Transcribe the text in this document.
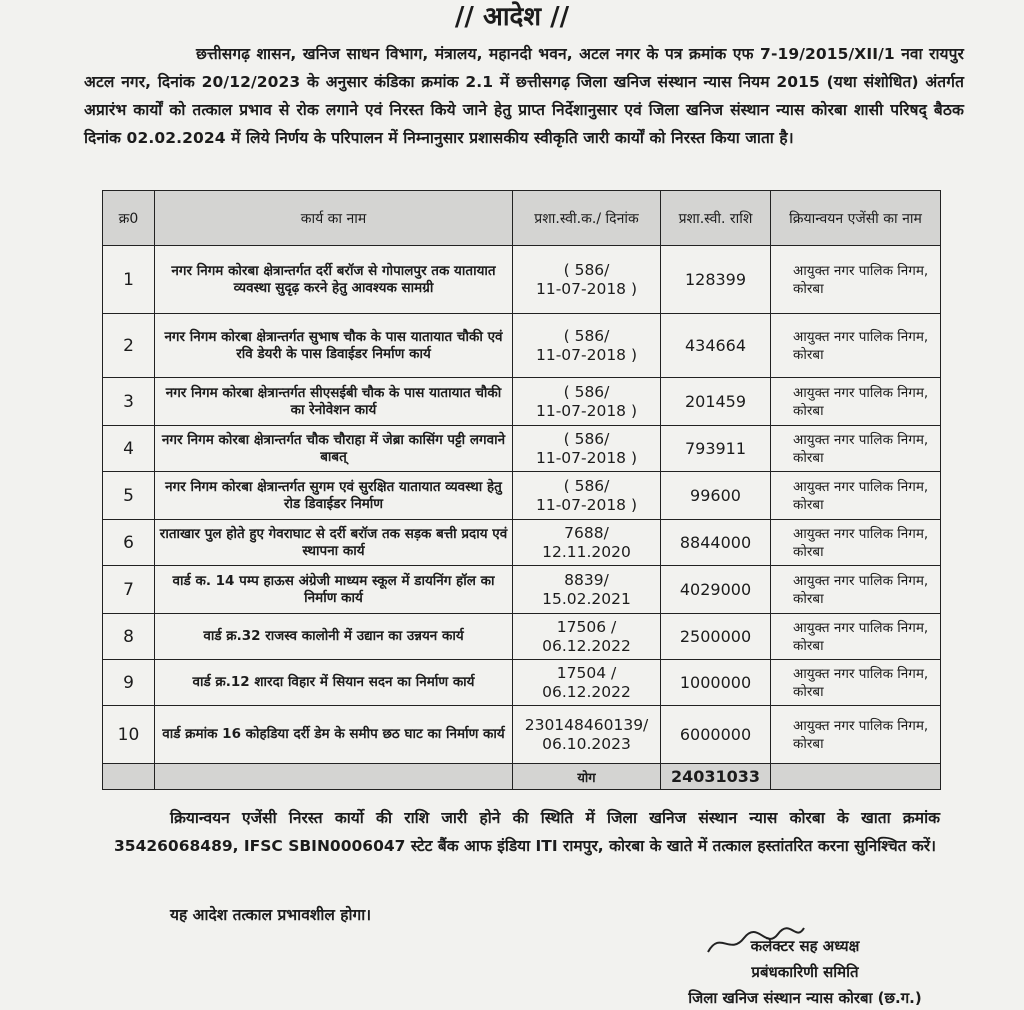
// आदेश //
छत्तीसगढ़ शासन, खनिज साधन विभाग, मंत्रालय, महानदी भवन, अटल नगर के पत्र क्रमांक एफ 7-19/2015/XII/1 नवा रायपुर अटल नगर, दिनांक 20/12/2023 के अनुसार कंडिका क्रमांक 2.1 में छत्तीसगढ़ जिला खनिज संस्थान न्यास नियम 2015 (यथा संशोधित) अंतर्गत अप्रारंभ कार्यों को तत्काल प्रभाव से रोक लगाने एवं निरस्त किये जाने हेतु प्राप्त निर्देशानुसार एवं जिला खनिज संस्थान न्यास कोरबा शासी परिषद् बैठक दिनांक 02.02.2024 में लिये निर्णय के परिपालन में निम्नानुसार प्रशासकीय स्वीकृति जारी कार्यों को निरस्त किया जाता है।
क्र0	कार्य का नाम	प्रशा.स्वी.क./ दिनांक	प्रशा.स्वी. राशि	क्रियान्वयन एजेंसी का नाम
1	नगर निगम कोरबा क्षेत्रान्तर्गत दर्री बरॉज से गोपालपुर तक यातायात व्यवस्था सुदृढ़ करने हेतु आवश्यक सामग्री	( 586/
11-07-2018 )	128399	आयुक्त नगर पालिक निगम, कोरबा
2	नगर निगम कोरबा क्षेत्रान्तर्गत सुभाष चौक के पास यातायात चौकी एवं रवि डेयरी के पास डिवाईडर निर्माण कार्य	( 586/
11-07-2018 )	434664	आयुक्त नगर पालिक निगम, कोरबा
3	नगर निगम कोरबा क्षेत्रान्तर्गत सीएसईबी चौक के पास यातायात चौकी का रेनोवेशन कार्य	( 586/
11-07-2018 )	201459	आयुक्त नगर पालिक निगम, कोरबा
4	नगर निगम कोरबा क्षेत्रान्तर्गत चौक चौराहा में जेब्रा कासिंग पट्टी लगवाने बाबत्	( 586/
11-07-2018 )	793911	आयुक्त नगर पालिक निगम, कोरबा
5	नगर निगम कोरबा क्षेत्रान्तर्गत सुगम एवं सुरक्षित यातायात व्यवस्था हेतु रोड डिवाईडर निर्माण	( 586/
11-07-2018 )	99600	आयुक्त नगर पालिक निगम, कोरबा
6	राताखार पुल होते हुए गेवराघाट से दर्री बरॉज तक सड़क बत्ती प्रदाय एवं स्थापना कार्य	7688/
12.11.2020	8844000	आयुक्त नगर पालिक निगम, कोरबा
7	वार्ड क. 14 पम्प हाऊस अंग्रेजी माध्यम स्कूल में डायनिंग हॉल का निर्माण कार्य	8839/
15.02.2021	4029000	आयुक्त नगर पालिक निगम, कोरबा
8	वार्ड क्र.32 राजस्व कालोनी में उद्यान का उन्नयन कार्य	17506 /
06.12.2022	2500000	आयुक्त नगर पालिक निगम, कोरबा
9	वार्ड क्र.12 शारदा विहार में सियान सदन का निर्माण कार्य	17504 /
06.12.2022	1000000	आयुक्त नगर पालिक निगम, कोरबा
10	वार्ड क्रमांक 16 कोहडिया दर्री डेम के समीप छठ घाट का निर्माण कार्य	230148460139/
06.10.2023	6000000	आयुक्त नगर पालिक निगम, कोरबा
		योग	24031033	
क्रियान्वयन एजेंसी निरस्त कार्यो की राशि जारी होने की स्थिति में जिला खनिज संस्थान न्यास कोरबा के खाता क्रमांक 35426068489, IFSC SBIN0006047 स्टेट बैंक आफ इंडिया ITI रामपुर, कोरबा के खाते में तत्काल हस्तांतरित करना सुनिश्चित करें।
यह आदेश तत्काल प्रभावशील होगा।
कलेक्टर सह अध्यक्ष
प्रबंधकारिणी समिति
जिला खनिज संस्थान न्यास कोरबा (छ.ग.)
